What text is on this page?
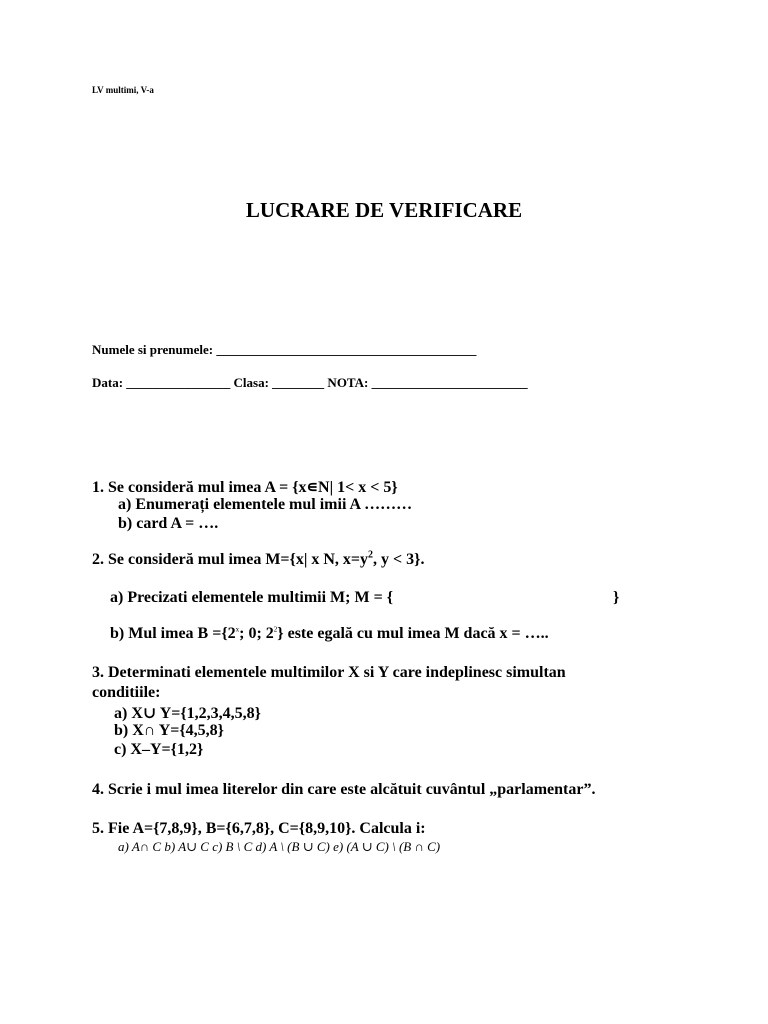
LV multimi, V-a
LUCRARE DE VERIFICARE
Numele si prenumele: ________________________________________
Data: ________________ Clasa: ________ NOTA: ________________________
1. Se consideră mul imea A = {x∊N| 1< x < 5}
a) Enumerați elementele mul imii A ………
b) card A = ….
2. Se consideră mul imea M={x| x N, $x=y^2$, y < 3}.
a) Precizati elementele multimii M; M = {	}
b) Mul imea $B =\{2^x$; 0; $2^2$} este egală cu mul imea M dacă x = …..
3. Determinati elementele multimilor X si Y care indeplinesc simultan
conditiile:
a) X∪ Y={1,2,3,4,5,8}
b) X∩ Y={4,5,8}
c) X–Y={1,2}
4. Scrie i mul imea literelor din care este alcătuit cuvântul „parlamentar”.
5. Fie A={7,8,9}, B={6,7,8}, C={8,9,10}. Calcula i:
a) A∩ C b) A∪ C c) B \ C d) A \ (B ∪ C) e) (A ∪ C) \ (B ∩ C)
